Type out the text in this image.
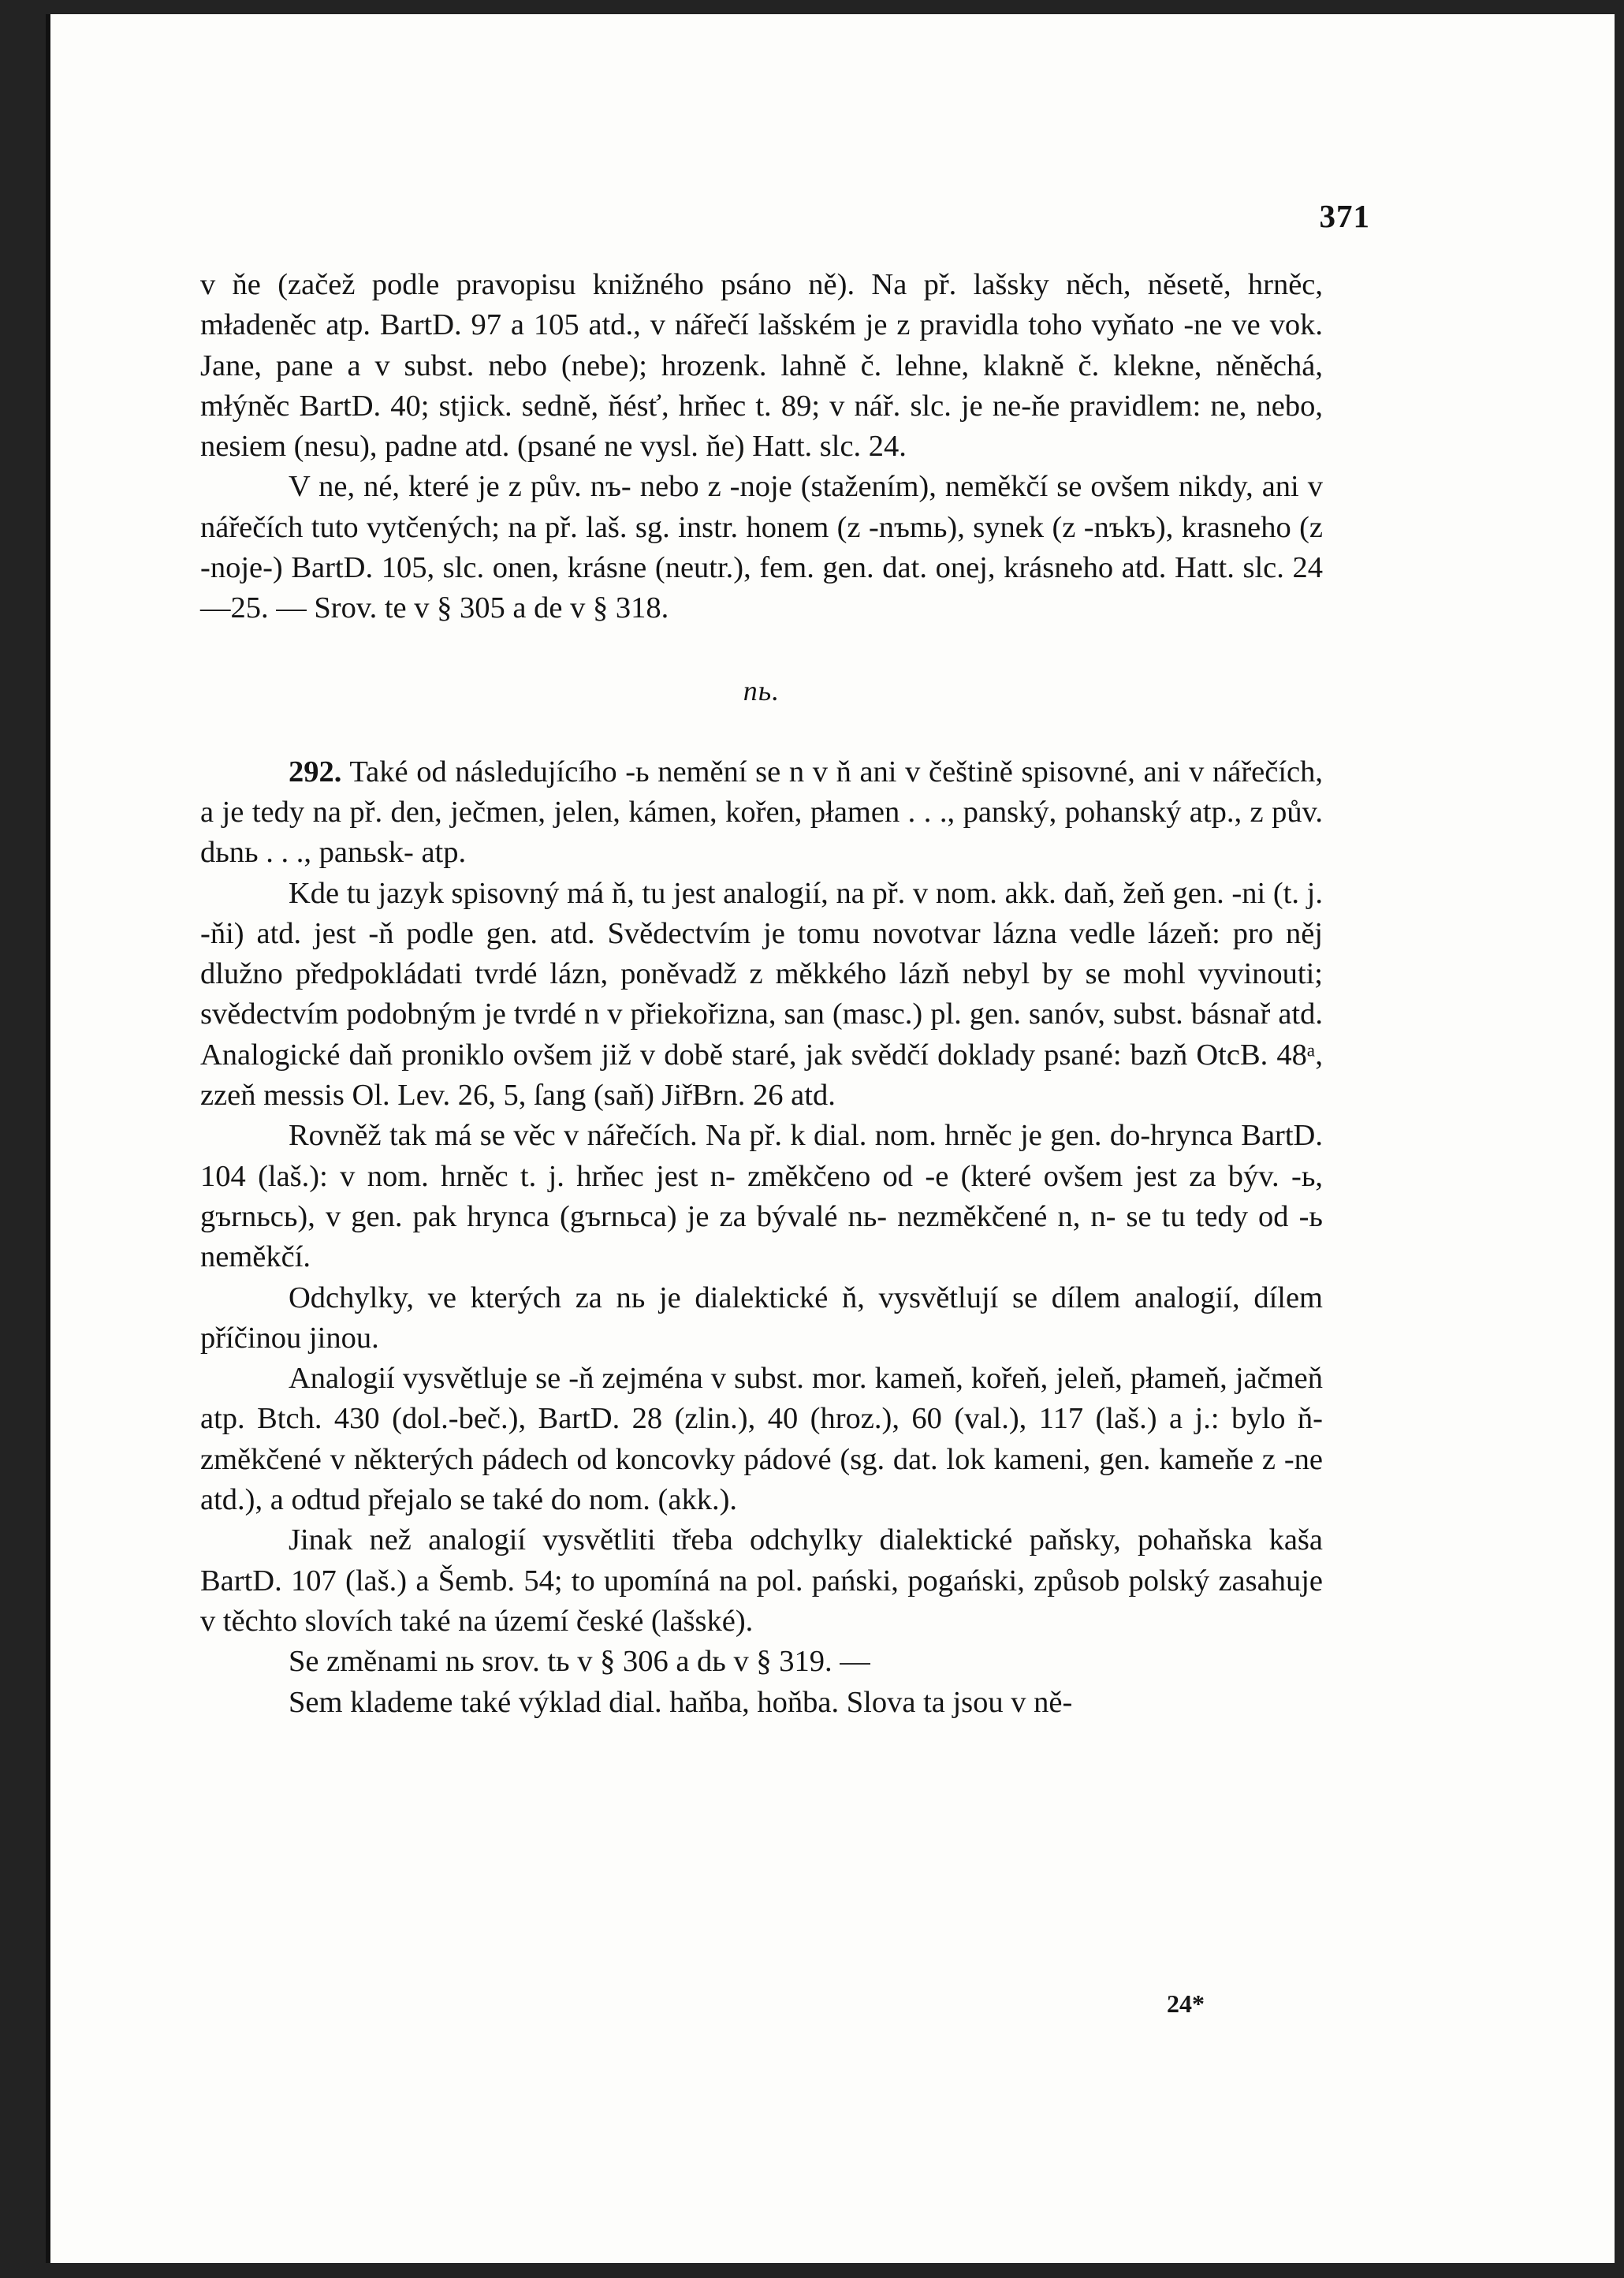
371

v ňe (začež podle pravopisu knižného psáno ně). Na př. lašsky něch, něsetě, hrněc, mładeněc atp. BartD. 97 a 105 atd., v nářečí lašském je z pravidla toho vyňato -ne ve vok. Jane, pane a v subst. nebo (nebe); hrozenk. lahně č. lehne, klakně č. klekne, něněchá, młýněc BartD. 40; stjick. sedně, ňésť, hrňec t. 89; v nář. slc. je ne-ňe pravidlem: ne, nebo, nesiem (nesu), padne atd. (psané ne vysl. ňe) Hatt. slc. 24.

V ne, né, které je z pův. nъ- nebo z -noje (stažením), neměkčí se ovšem nikdy, ani v nářečích tuto vytčených; na př. laš. sg. instr. honem (z -nъmь), synek (z -nъkъ), krasneho (z -noje-) BartD. 105, slc. onen, krásne (neutr.), fem. gen. dat. onej, krásneho atd. Hatt. slc. 24—25. — Srov. te v § 305 a de v § 318.

nь.

292. Také od následujícího -ь nemění se n v ň ani v češtině spisovné, ani v nářečích, a je tedy na př. den, ječmen, jelen, kámen, kořen, płamen . . ., panský, pohanský atp., z pův. dьnь . . ., panьsk- atp.

Kde tu jazyk spisovný má ň, tu jest analogií, na př. v nom. akk. daň, žeň gen. -ni (t. j. -ňi) atd. jest -ň podle gen. atd. Svědectvím je tomu novotvar lázna vedle lázeň: pro něj dlužno předpokládati tvrdé lázn, poněvadž z měkkého lázň nebyl by se mohl vyvinouti; svědectvím podobným je tvrdé n v přiekořizna, san (masc.) pl. gen. sanóv, subst. básnař atd. Analogické daň proniklo ovšem již v době staré, jak svědčí doklady psané: bazň OtcB. 48ᵃ, zzeň messis Ol. Lev. 26, 5, ſang (saň) JiřBrn. 26 atd.

Rovněž tak má se věc v nářečích. Na př. k dial. nom. hrněc je gen. do-hrynca BartD. 104 (laš.): v nom. hrněc t. j. hrňec jest n- změkčeno od -e (které ovšem jest za býv. -ь, gъrnьcь), v gen. pak hrynca (gъrnьca) je za bývalé nь- nezměkčené n, n- se tu tedy od -ь neměkčí.

Odchylky, ve kterých za nь je dialektické ň, vysvětlují se dílem analogií, dílem příčinou jinou.

Analogií vysvětluje se -ň zejména v subst. mor. kameň, kořeň, jeleň, płameň, jačmeň atp. Btch. 430 (dol.-beč.), BartD. 28 (zlin.), 40 (hroz.), 60 (val.), 117 (laš.) a j.: bylo ň- změkčené v některých pádech od koncovky pádové (sg. dat. lok kameni, gen. kameňe z -ne atd.), a odtud přejalo se také do nom. (akk.).

Jinak než analogií vysvětliti třeba odchylky dialektické paňsky, pohaňska kaša BartD. 107 (laš.) a Šemb. 54; to upomíná na pol. pański, pogański, způsob polský zasahuje v těchto slovích také na území české (lašské).

Se změnami nь srov. tь v § 306 a dь v § 319. —

Sem klademe také výklad dial. haňba, hoňba. Slova ta jsou v ně-

24*
